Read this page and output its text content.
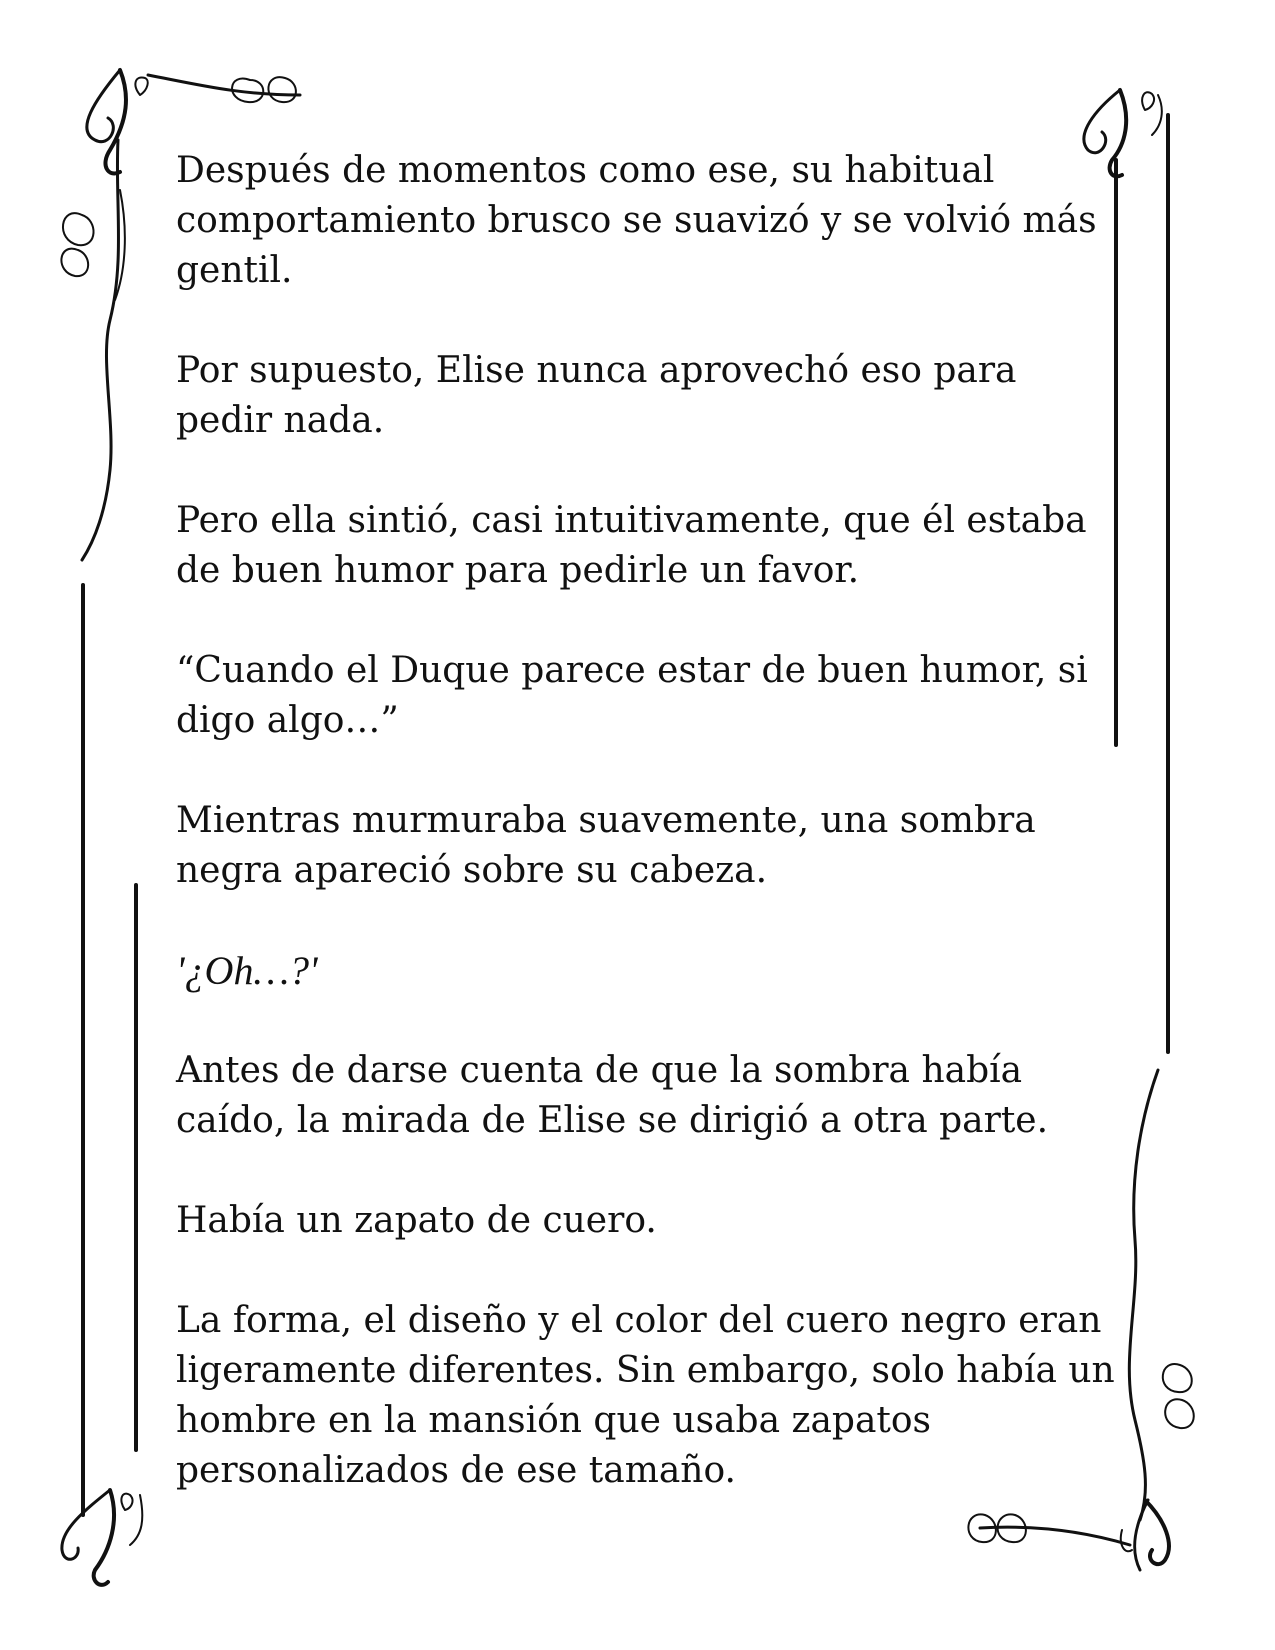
Después de momentos como ese, su habitual comportamiento brusco se suavizó y se volvió más gentil.

Por supuesto, Elise nunca aprovechó eso para pedir nada.

Pero ella sintió, casi intuitivamente, que él estaba de buen humor para pedirle un favor.

“Cuando el Duque parece estar de buen humor, si digo algo…”

Mientras murmuraba suavemente, una sombra negra apareció sobre su cabeza.

'¿Oh…?'

Antes de darse cuenta de que la sombra había caído, la mirada de Elise se dirigió a otra parte.

Había un zapato de cuero.

La forma, el diseño y el color del cuero negro eran ligeramente diferentes. Sin embargo, solo había un hombre en la mansión que usaba zapatos personalizados de ese tamaño.
